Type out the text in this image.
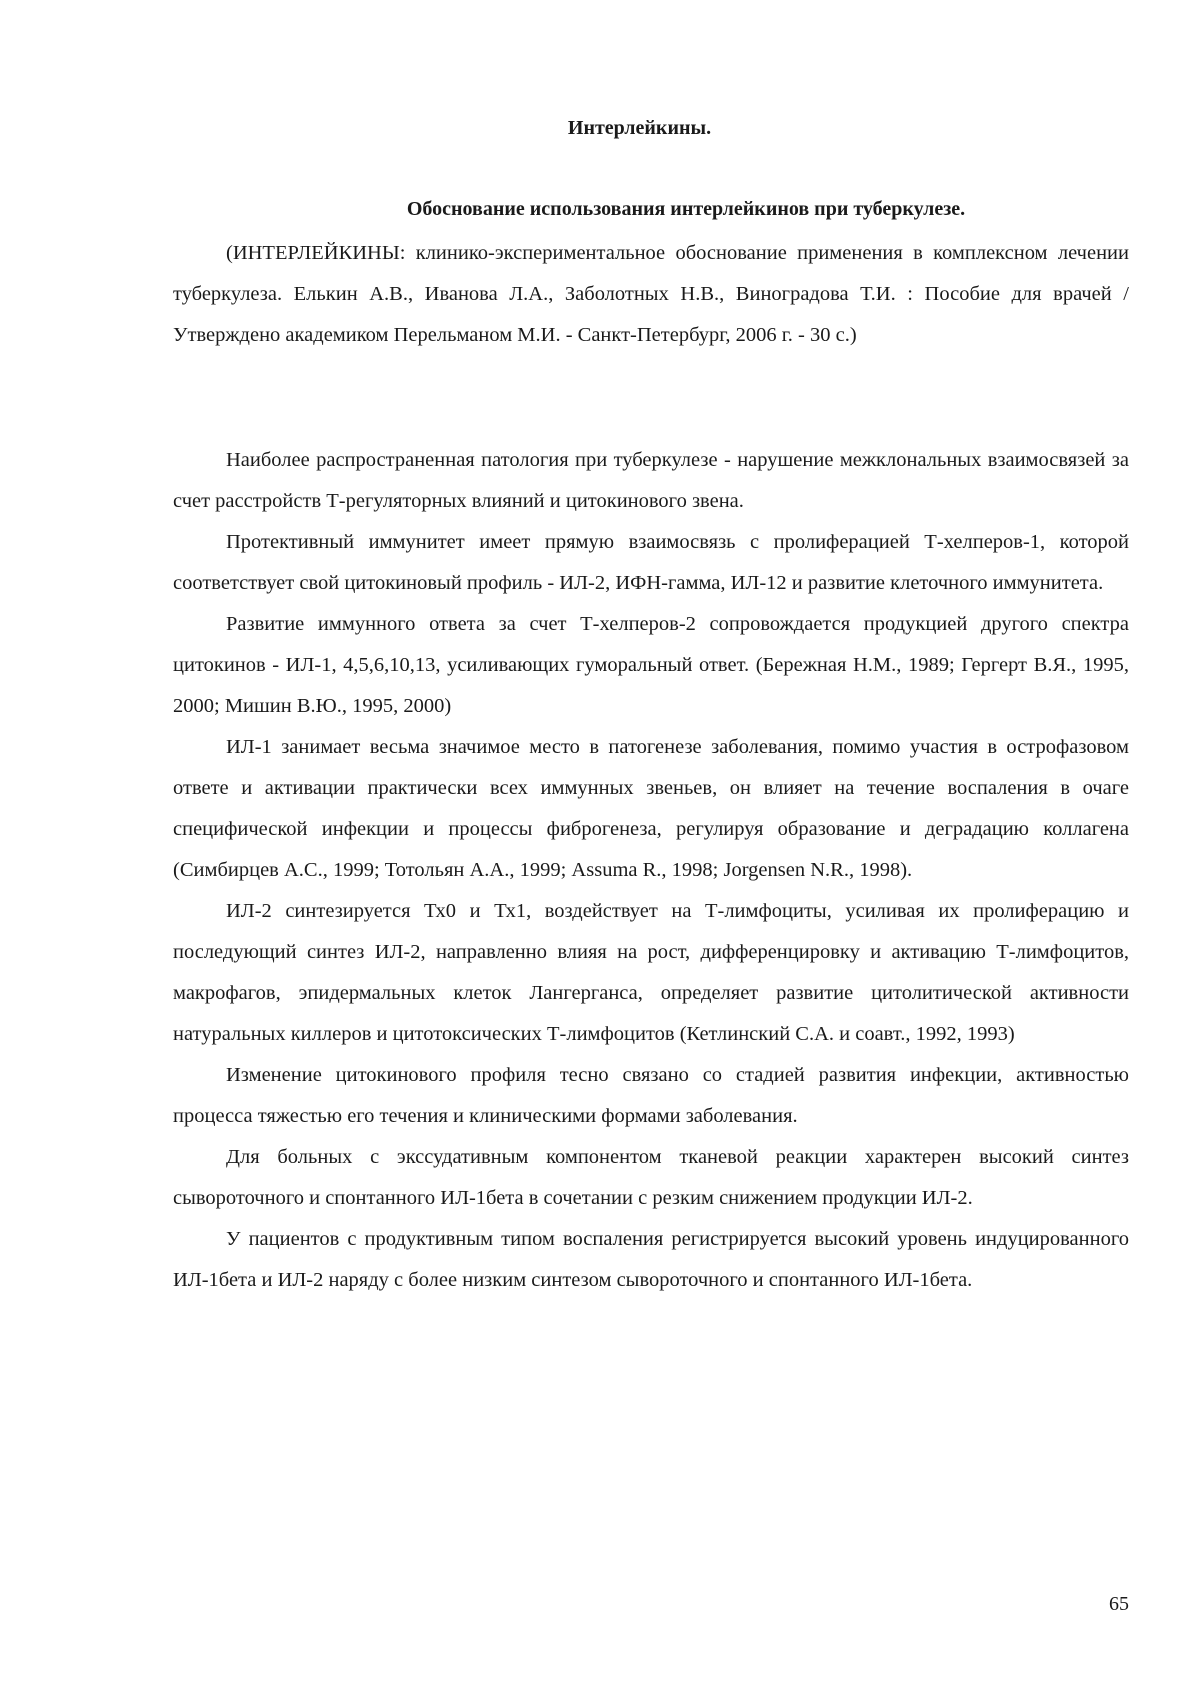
Интерлейкины.
Обоснование использования интерлейкинов при туберкулезе.

(ИНТЕРЛЕЙКИНЫ: клинико-экспериментальное обоснование применения в комплексном лечении туберкулеза. Елькин А.В., Иванова Л.А., Заболотных Н.В., Виноградова Т.И. : Пособие для врачей / Утверждено академиком Перельманом М.И. - Санкт-Петербург, 2006 г. - 30 с.)

Наиболее распространенная патология при туберкулезе - нарушение межклональных взаимосвязей за счет расстройств Т-регуляторных влияний и цитокинового звена.

Протективный иммунитет имеет прямую взаимосвязь с пролиферацией Т-хелперов-1, которой соответствует свой цитокиновый профиль - ИЛ-2, ИФН-гамма, ИЛ-12 и развитие клеточного иммунитета.

Развитие иммунного ответа за счет Т-хелперов-2 сопровождается продукцией другого спектра цитокинов - ИЛ-1, 4,5,6,10,13, усиливающих гуморальный ответ. (Бережная Н.М., 1989; Гергерт В.Я., 1995, 2000; Мишин В.Ю., 1995, 2000)

ИЛ-1 занимает весьма значимое место в патогенезе заболевания, помимо участия в острофазовом ответе и активации практически всех иммунных звеньев, он влияет на течение воспаления в очаге специфической инфекции и процессы фиброгенеза, регулируя образование и деградацию коллагена (Симбирцев А.С., 1999; Тотольян А.А., 1999; Assuma R., 1998; Jorgensen N.R., 1998).

ИЛ-2 синтезируется Тх0 и Тх1, воздействует на Т-лимфоциты, усиливая их пролиферацию и последующий синтез ИЛ-2, направленно влияя на рост, дифференцировку и активацию Т-лимфоцитов, макрофагов, эпидермальных клеток Лангерганса, определяет развитие цитолитической активности натуральных киллеров и цитотоксических Т-лимфоцитов (Кетлинский С.А. и соавт., 1992, 1993)

Изменение цитокинового профиля тесно связано со стадией развития инфекции, активностью процесса тяжестью его течения и клиническими формами заболевания.

Для больных с экссудативным компонентом тканевой реакции характерен высокий синтез сывороточного и спонтанного ИЛ-1бета в сочетании с резким снижением продукции ИЛ-2.

У пациентов с продуктивным типом воспаления регистрируется высокий уровень индуцированного ИЛ-1бета и ИЛ-2 наряду с более низким синтезом сывороточного и спонтанного ИЛ-1бета.

65
